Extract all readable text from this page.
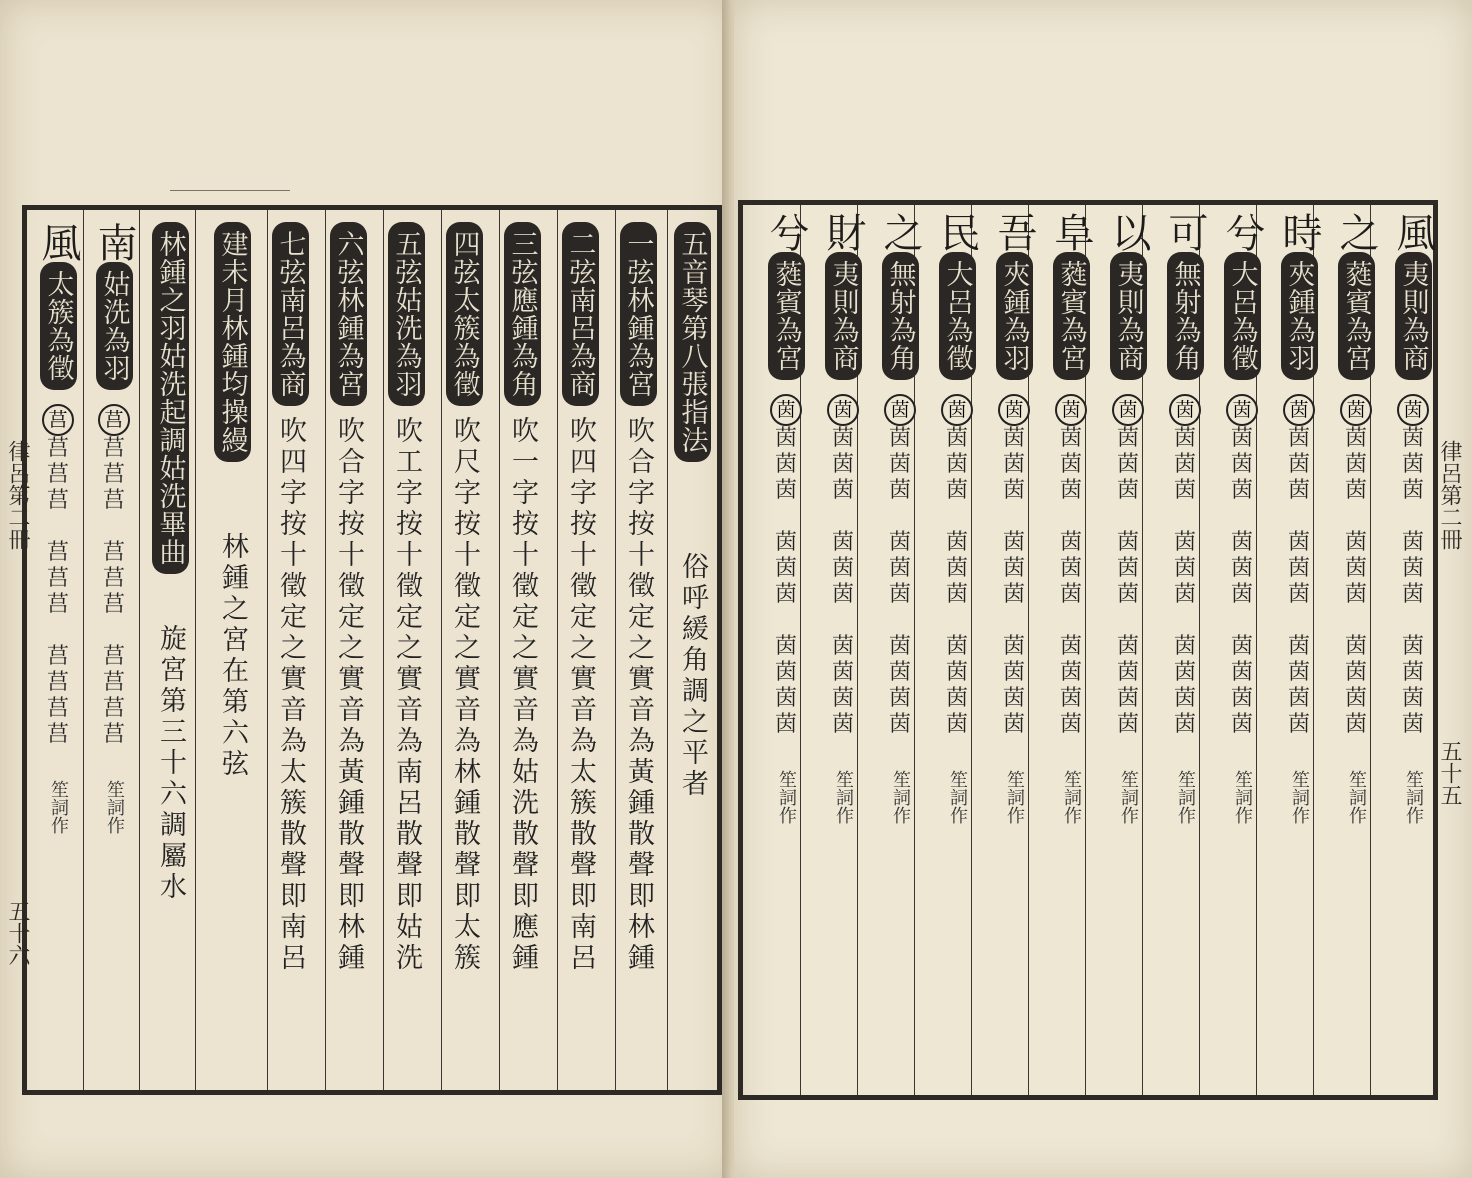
五音琴第八張指法
俗呼緩角調之平者
一弦林鍾為宮
吹合字按十徵定之實音為黃鍾散聲即林鍾
二弦南呂為商
吹四字按十徵定之實音為太簇散聲即南呂
三弦應鍾為角
吹一字按十徵定之實音為姑洗散聲即應鍾
四弦太簇為徵
吹尺字按十徵定之實音為林鍾散聲即太簇
五弦姑洗為羽
吹工字按十徵定之實音為南呂散聲即姑洗
六弦林鍾為宮
吹合字按十徵定之實音為黃鍾散聲即林鍾
七弦南呂為商
吹四字按十徵定之實音為太簇散聲即南呂
建未月林鍾均操縵
林鍾之宮在第六弦
林鍾之羽姑洗起調姑洗畢曲
旋宮第三十六調屬水
南
姑洗為羽
莒
莒
莒
莒
莒
莒
莒
莒
莒
莒
莒
笙詞作
風
太簇為徵
莒
莒
莒
莒
莒
莒
莒
莒
莒
莒
莒
笙詞作
律呂第二冊
五十六
律呂第二冊
五十五
風
夷則為商
茵
茵
茵
茵
茵
茵
茵
茵
茵
茵
茵
笙詞作
之
蕤賓為宮
茵
茵
茵
茵
茵
茵
茵
茵
茵
茵
茵
笙詞作
時
夾鍾為羽
茵
茵
茵
茵
茵
茵
茵
茵
茵
茵
茵
笙詞作
兮
大呂為徵
茵
茵
茵
茵
茵
茵
茵
茵
茵
茵
茵
笙詞作
可
無射為角
茵
茵
茵
茵
茵
茵
茵
茵
茵
茵
茵
笙詞作
以
夷則為商
茵
茵
茵
茵
茵
茵
茵
茵
茵
茵
茵
笙詞作
阜
蕤賓為宮
茵
茵
茵
茵
茵
茵
茵
茵
茵
茵
茵
笙詞作
吾
夾鍾為羽
茵
茵
茵
茵
茵
茵
茵
茵
茵
茵
茵
笙詞作
民
大呂為徵
茵
茵
茵
茵
茵
茵
茵
茵
茵
茵
茵
笙詞作
之
無射為角
茵
茵
茵
茵
茵
茵
茵
茵
茵
茵
茵
笙詞作
財
夷則為商
茵
茵
茵
茵
茵
茵
茵
茵
茵
茵
茵
笙詞作
兮
蕤賓為宮
茵
茵
茵
茵
茵
茵
茵
茵
茵
茵
茵
笙詞作
